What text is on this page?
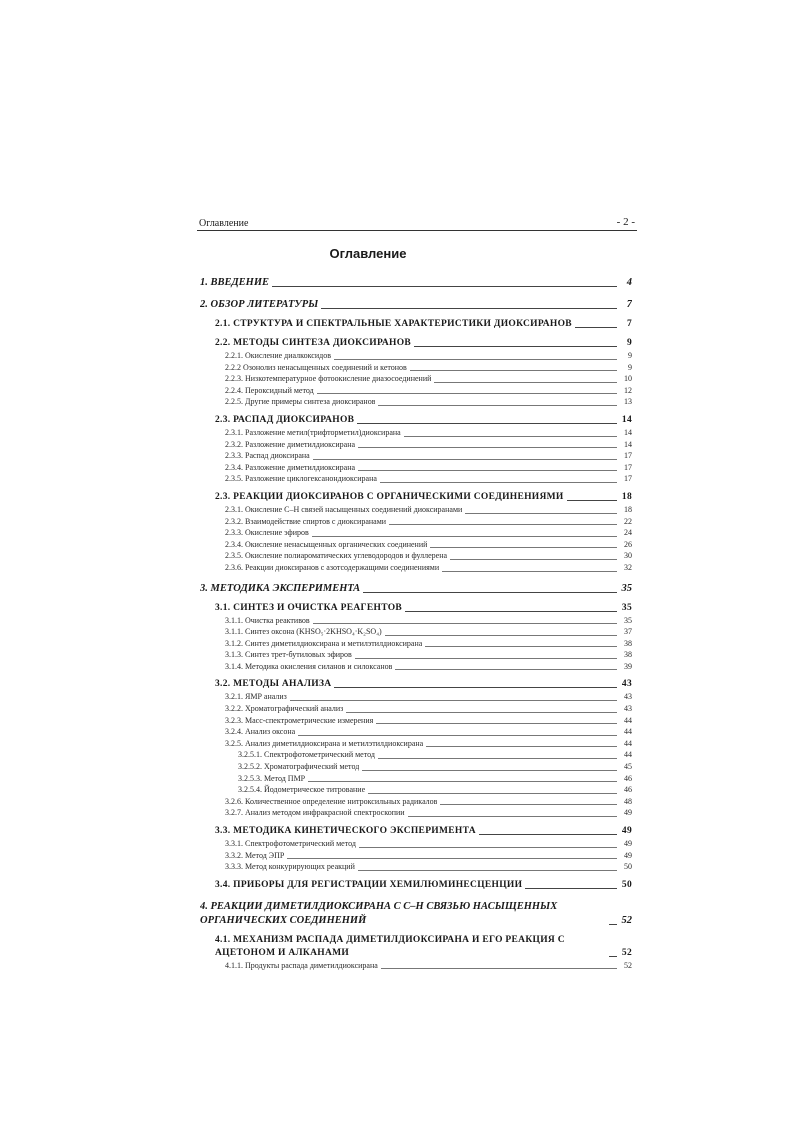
Оглавление	- 2 -
Оглавление
1. ВВЕДЕНИЕ	4
2. ОБЗОР ЛИТЕРАТУРЫ	7
2.1. СТРУКТУРА И СПЕКТРАЛЬНЫЕ ХАРАКТЕРИСТИКИ ДИОКСИРАНОВ	7
2.2. МЕТОДЫ СИНТЕЗА ДИОКСИРАНОВ	9
2.2.1. Окисление диалкоксидов	9
2.2.2 Озонолиз ненасыщенных соединений и кетонов	9
2.2.3. Низкотемпературное фотоокисление диазосоединений	10
2.2.4. Пероксидный метод	12
2.2.5. Другие примеры синтеза диоксиранов	13
2.3. РАСПАД ДИОКСИРАНОВ	14
2.3.1. Разложение метил(трифторметил)диоксирана	14
2.3.2. Разложение диметилдиоксирана	14
2.3.3. Распад диоксирана	17
2.3.4. Разложение диметилдиоксирана	17
2.3.5. Разложение циклогексанондиоксирана	17
2.3. РЕАКЦИИ ДИОКСИРАНОВ С ОРГАНИЧЕСКИМИ СОЕДИНЕНИЯМИ	18
2.3.1. Окисление С–Н связей насыщенных соединений диоксиранами	18
2.3.2. Взаимодействие спиртов с диоксиранами	22
2.3.3. Окисление эфиров	24
2.3.4. Окисление ненасыщенных органических соединений	26
2.3.5. Окисление полиароматических углеводородов и фуллерена	30
2.3.6. Реакции диоксиранов с азотсодержащими соединениями	32
3. МЕТОДИКА ЭКСПЕРИМЕНТА	35
3.1. СИНТЕЗ И ОЧИСТКА РЕАГЕНТОВ	35
3.1.1. Очистка реактивов	35
3.1.1. Синтез оксона (KHSO₅·2KHSO₄·K₂SO₄)	37
3.1.2. Синтез диметилдиоксирана и метилэтилдиоксирана	38
3.1.3. Синтез трет-бутиловых эфиров	38
3.1.4. Методика окисления силанов и силоксанов	39
3.2. МЕТОДЫ АНАЛИЗА	43
3.2.1. ЯМР анализ	43
3.2.2. Хроматографический анализ	43
3.2.3. Масс-спектрометрические измерения	44
3.2.4. Анализ оксона	44
3.2.5. Анализ диметилдиоксирана и метилэтилдиоксирана	44
3.2.5.1. Спектрофотометрический метод	44
3.2.5.2. Хроматографический метод	45
3.2.5.3. Метод ПМР	46
3.2.5.4. Йодометрическое титрование	46
3.2.6. Количественное определение нитроксильных радикалов	48
3.2.7. Анализ методом инфракрасной спектроскопии	49
3.3. МЕТОДИКА КИНЕТИЧЕСКОГО ЭКСПЕРИМЕНТА	49
3.3.1. Спектрофотометрический метод	49
3.3.2. Метод ЭПР	49
3.3.3. Метод конкурирующих реакций	50
3.4. ПРИБОРЫ ДЛЯ РЕГИСТРАЦИИ ХЕМИЛЮМИНЕСЦЕНЦИИ	50
4. РЕАКЦИИ ДИМЕТИЛДИОКСИРАНА С С–Н СВЯЗЬЮ НАСЫЩЕННЫХ ОРГАНИЧЕСКИХ СОЕДИНЕНИЙ	52
4.1. МЕХАНИЗМ РАСПАДА ДИМЕТИЛДИОКСИРАНА И ЕГО РЕАКЦИЯ С АЦЕТОНОМ И АЛКАНАМИ	52
4.1.1. Продукты распада диметилдиоксирана	52
